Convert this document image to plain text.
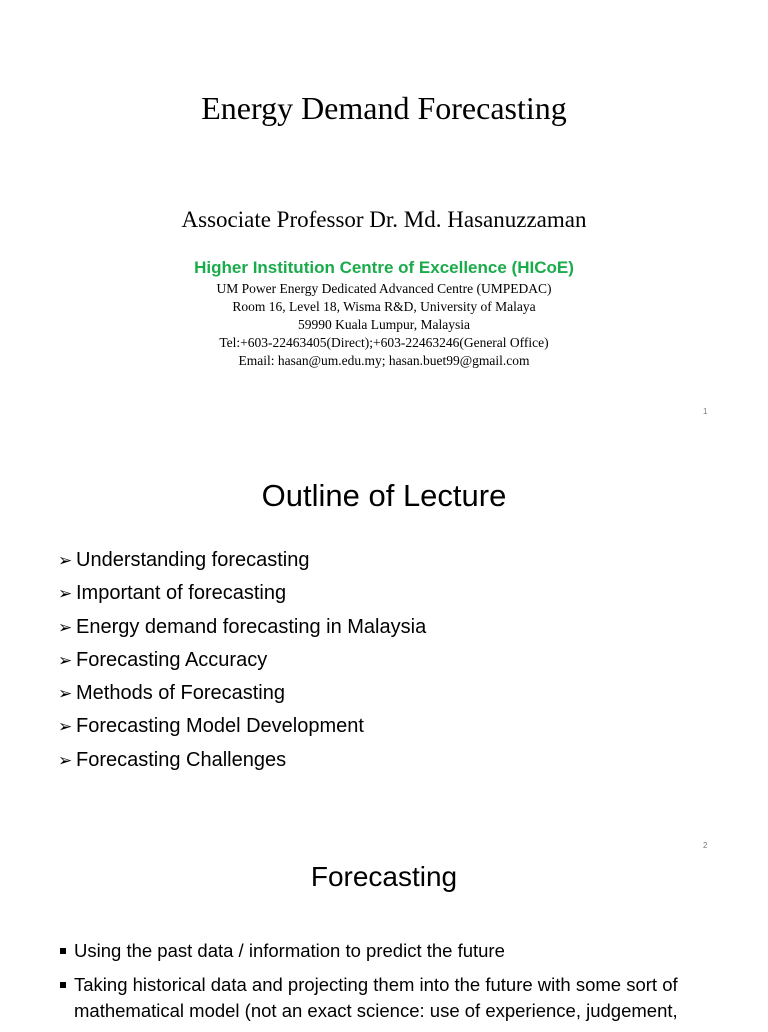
Energy Demand Forecasting
Associate Professor Dr. Md. Hasanuzzaman
Higher Institution Centre of Excellence (HICoE)
UM Power Energy Dedicated Advanced Centre (UMPEDAC)
Room 16, Level 18, Wisma R&D, University of Malaya
59990 Kuala Lumpur, Malaysia
Tel:+603-22463405(Direct);+603-22463246(General Office)
Email: hasan@um.edu.my; hasan.buet99@gmail.com
1
Outline of Lecture
➢ Understanding forecasting
➢ Important of forecasting
➢ Energy demand forecasting in Malaysia
➢ Forecasting Accuracy
➢ Methods of Forecasting
➢ Forecasting Model Development
➢ Forecasting Challenges
2
Forecasting
Using the past data / information to predict the future
Taking historical data and projecting them into the future with some sort of mathematical model (not an exact science: use of experience, judgement,
